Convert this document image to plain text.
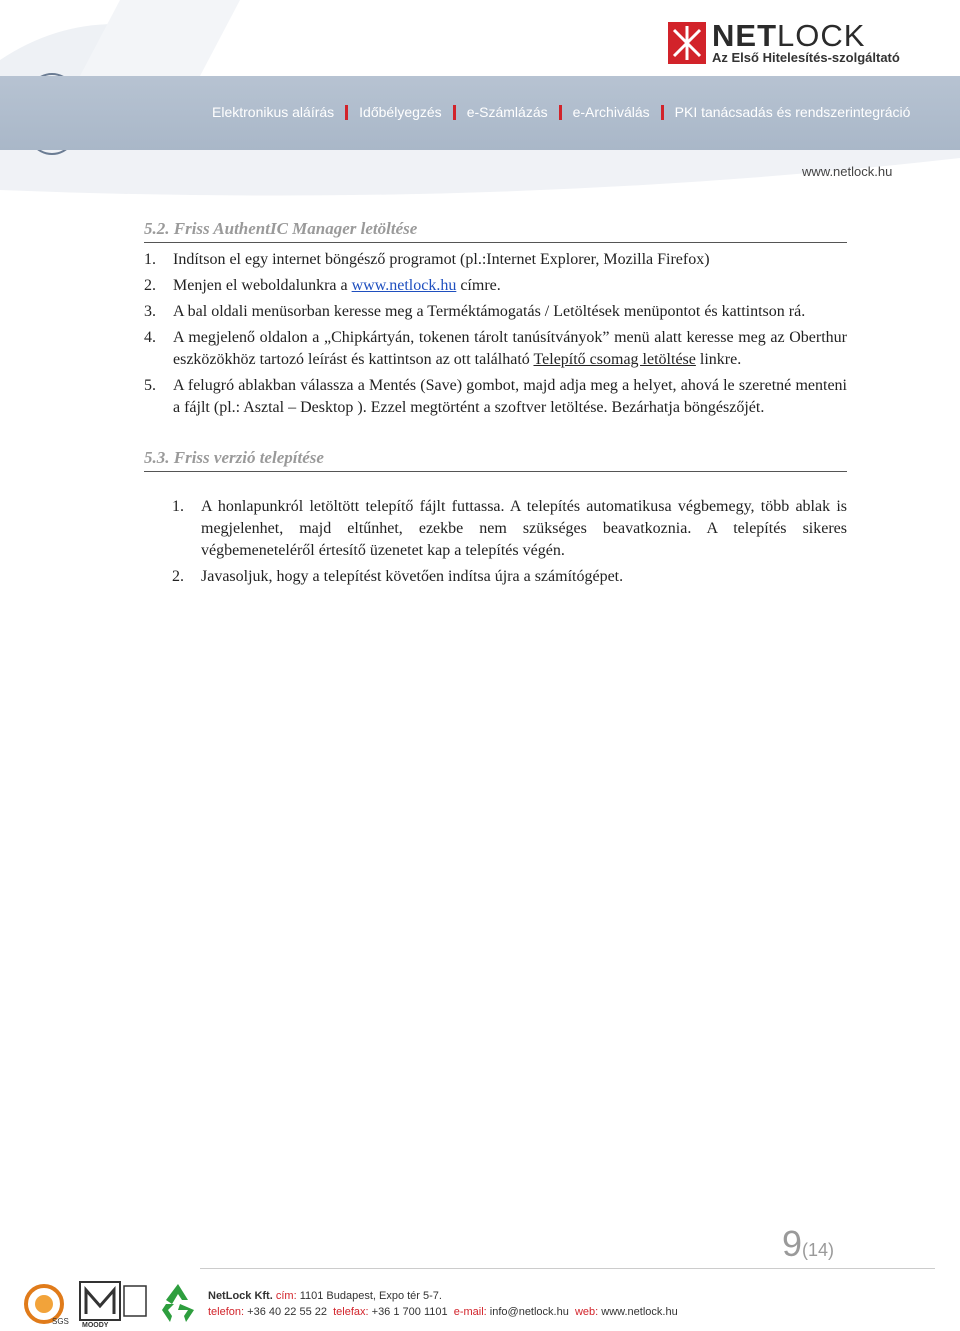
NETLOCK
Az Első Hitelesítés-szolgáltató
Elektronikus aláírás Időbélyegzés e-Számlázás e-Archiválás PKI tanácsadás és rendszerintegráció
www.netlock.hu
5.2. Friss AuthentIC Manager letöltése
1.	Indítson el egy internet böngésző programot (pl.:Internet Explorer, Mozilla Firefox)
2.	Menjen el weboldalunkra a www.netlock.hu címre.
3.	A bal oldali menüsorban keresse meg a Terméktámogatás / Letöltések menüpontot és kattintson rá.
4.	A megjelenő oldalon a „Chipkártyán, tokenen tárolt tanúsítványok” menü alatt keresse meg az Oberthur eszközökhöz tartozó leírást és kattintson az ott található Telepítő csomag letöltése linkre.
5.	A felugró ablakban válassza a Mentés (Save) gombot, majd adja meg a helyet, ahová le szeretné menteni a fájlt (pl.: Asztal – Desktop ). Ezzel megtörtént a szoftver letöltése. Bezárhatja böngészőjét.
5.3. Friss verzió telepítése
1.	A honlapunkról letöltött telepítő fájlt futtassa. A telepítés automatikusa végbemegy, több ablak is megjelenhet, majd eltűnhet, ezekbe nem szükséges beavatkoznia. A telepítés sikeres végbemeneteléről értesítő üzenetet kap a telepítés végén.
2.	Javasoljuk, hogy a telepítést követően indítsa újra a számítógépet.
9(14)
SGS MOODY
NetLock Kft. cím: 1101 Budapest, Expo tér 5-7.
telefon: +36 40 22 55 22 telefax: +36 1 700 1101 e-mail: info@netlock.hu web: www.netlock.hu
